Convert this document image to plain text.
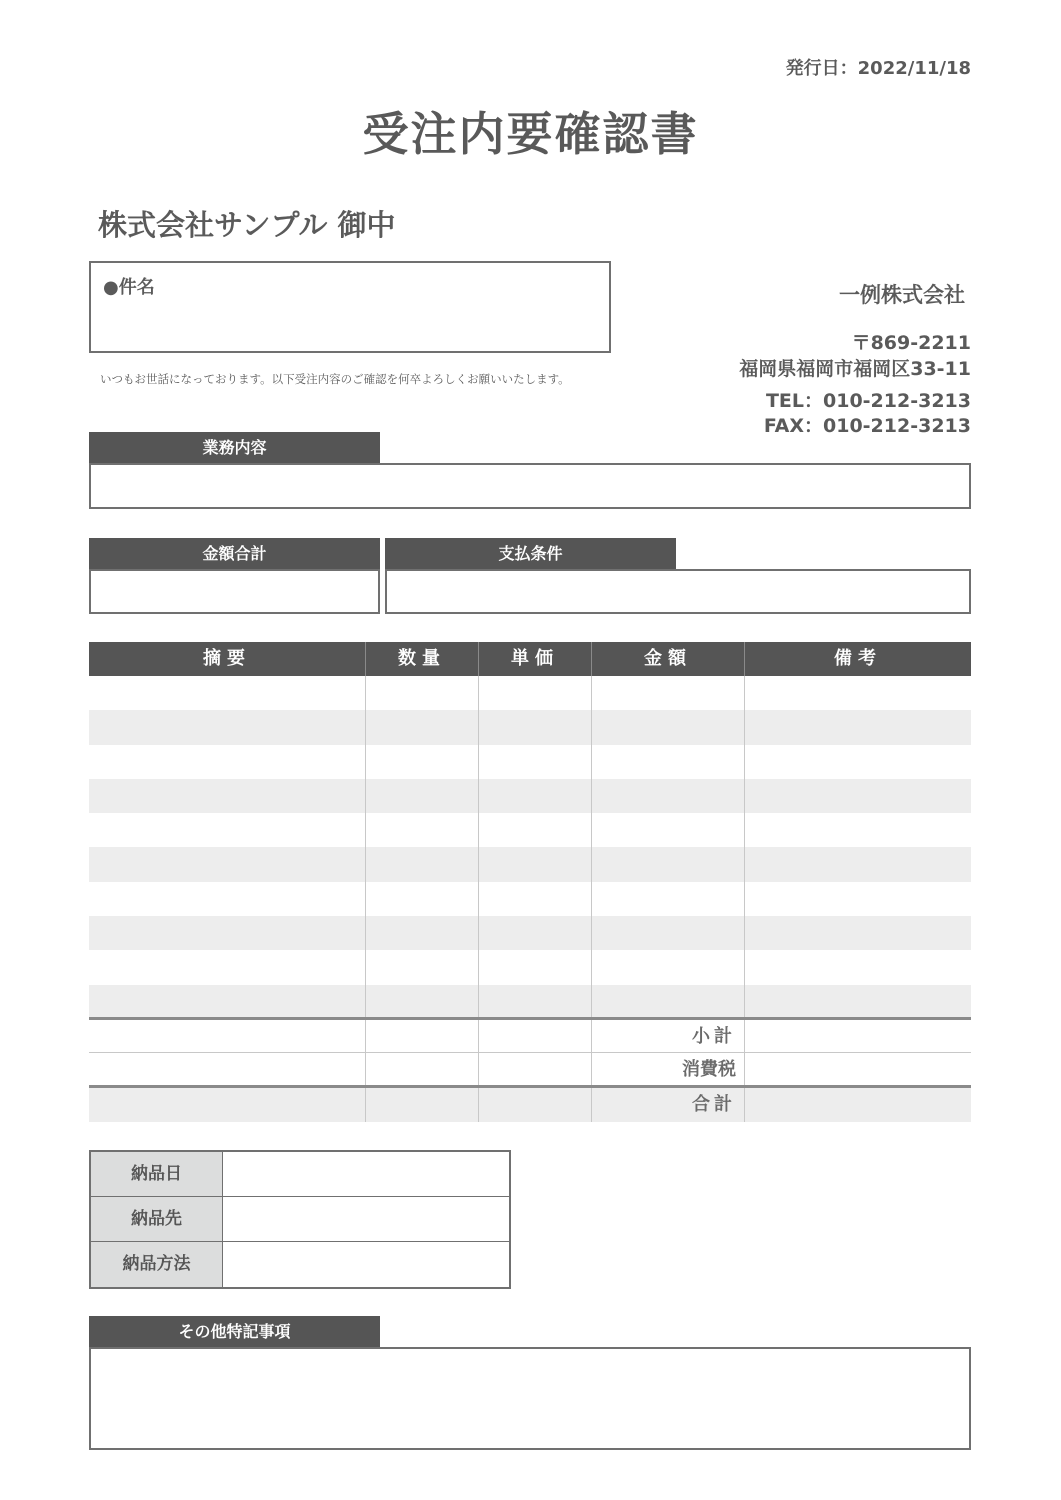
発行日：2022/11/18
受注内要確認書
株式会社サンプル 御中
●件名
いつもお世話になっております。以下受注内容のご確認を何卒よろしくお願いいたします。
一例株式会社
〒869-2211
福岡県福岡市福岡区33-11
TEL：010-212-3213
FAX：010-212-3213
業務内容
金額合計	支払条件
摘要	数量	単価	金額	備考
小計
消費税
合計
納品日
納品先
納品方法
その他特記事項
